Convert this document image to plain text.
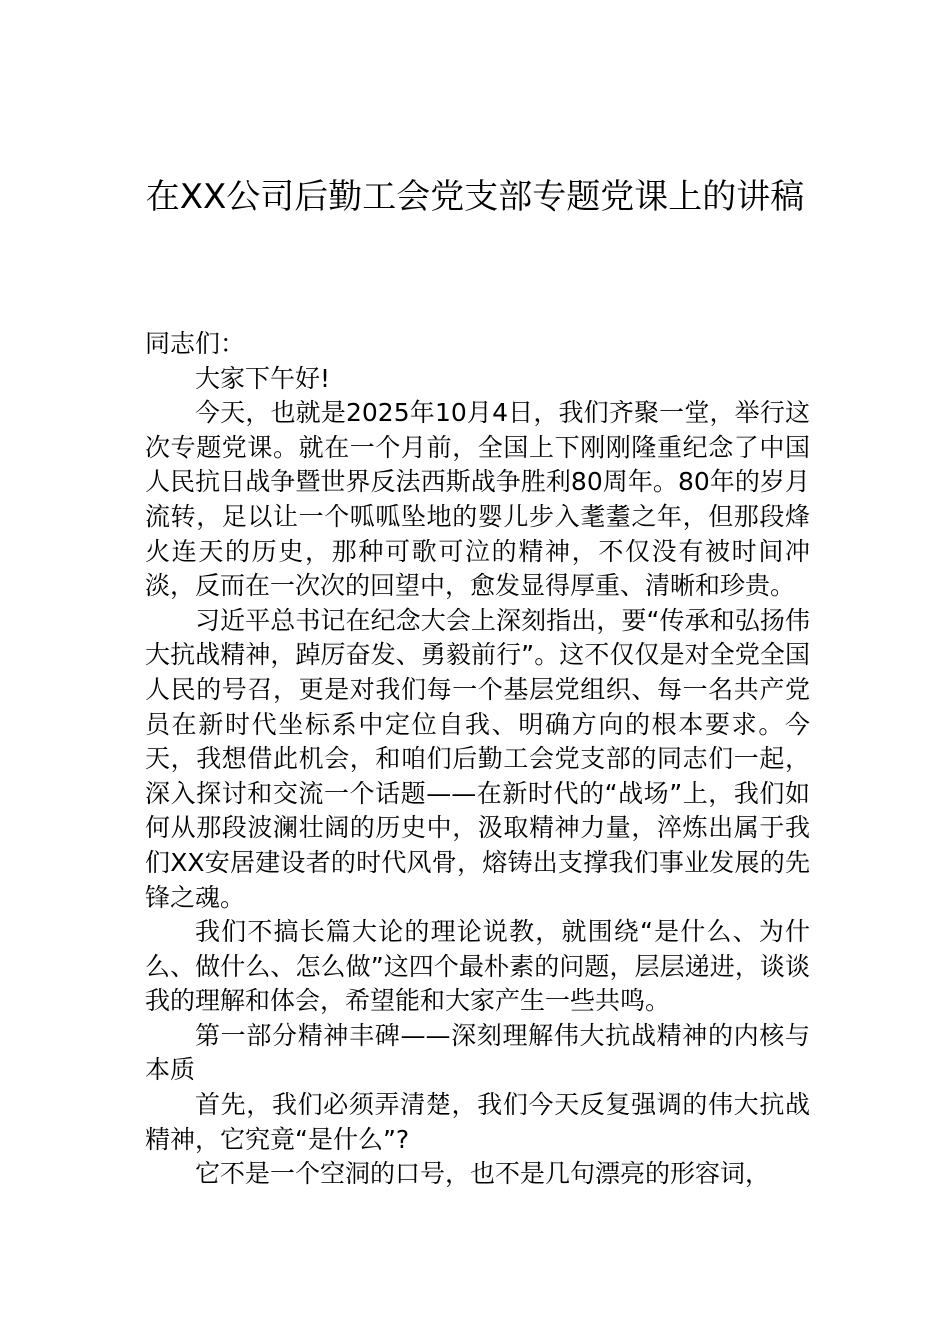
在XX公司后勤工会党支部专题党课上的讲稿

同志们：

大家下午好!

今天，也就是2025年10月4日，我们齐聚一堂，举行这次专题党课。就在一个月前，全国上下刚刚隆重纪念了中国人民抗日战争暨世界反法西斯战争胜利80周年。80年的岁月流转，足以让一个呱呱坠地的婴儿步入耄耋之年，但那段烽火连天的历史，那种可歌可泣的精神，不仅没有被时间冲淡，反而在一次次的回望中，愈发显得厚重、清晰和珍贵。

习近平总书记在纪念大会上深刻指出，要“传承和弘扬伟大抗战精神，踔厉奋发、勇毅前行”。这不仅仅是对全党全国人民的号召，更是对我们每一个基层党组织、每一名共产党员在新时代坐标系中定位自我、明确方向的根本要求。今天，我想借此机会，和咱们后勤工会党支部的同志们一起，深入探讨和交流一个话题——在新时代的“战场”上，我们如何从那段波澜壮阔的历史中，汲取精神力量，淬炼出属于我们XX安居建设者的时代风骨，熔铸出支撑我们事业发展的先锋之魂。

我们不搞长篇大论的理论说教，就围绕“是什么、为什么、做什么、怎么做”这四个最朴素的问题，层层递进，谈谈我的理解和体会，希望能和大家产生一些共鸣。

第一部分精神丰碑——深刻理解伟大抗战精神的内核与本质

首先，我们必须弄清楚，我们今天反复强调的伟大抗战精神，它究竟“是什么”?

它不是一个空洞的口号，也不是几句漂亮的形容词，
